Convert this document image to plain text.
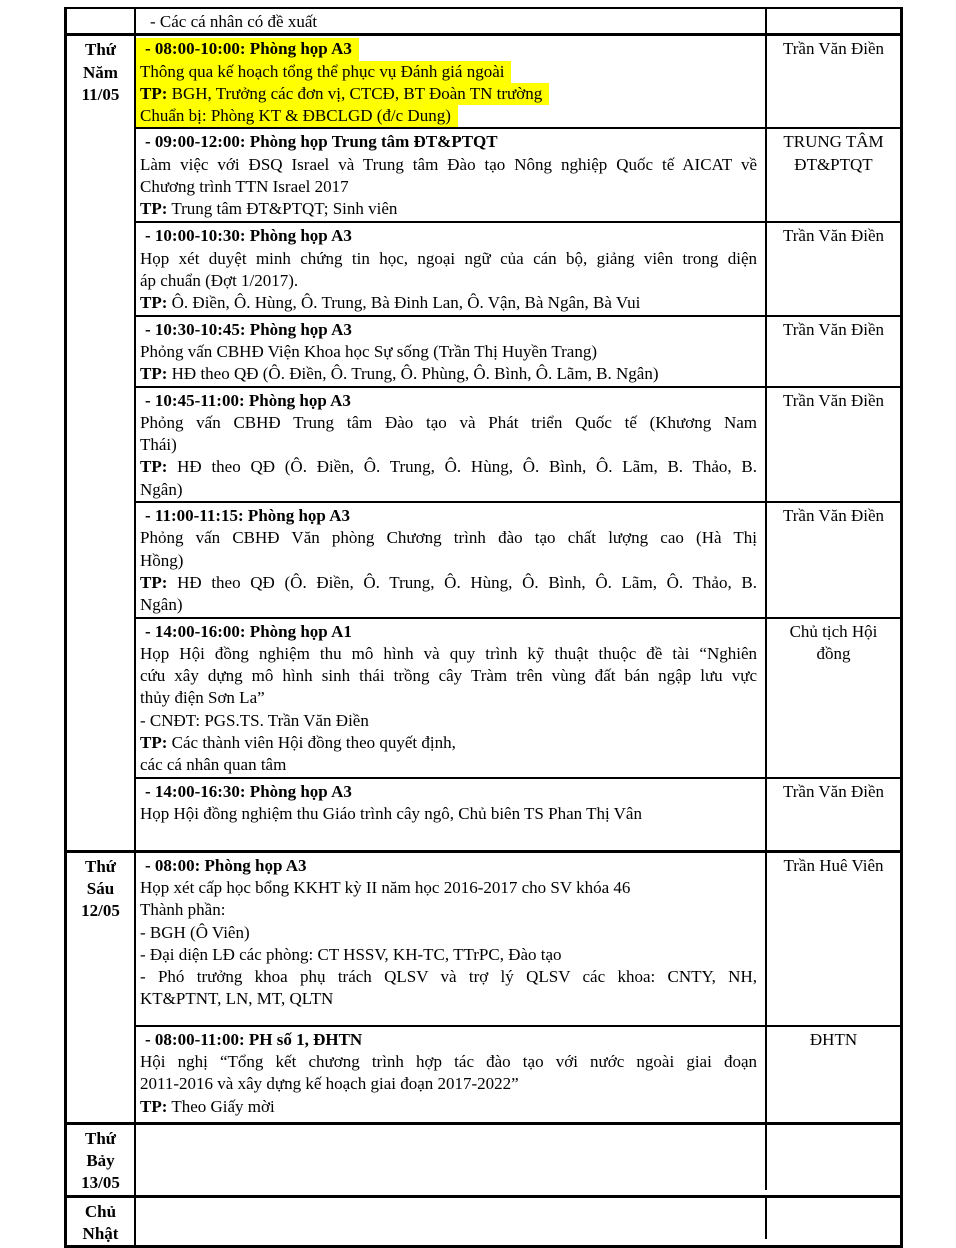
- Các cá nhân có đề xuất
Thứ
Năm
11/05
- 08:00-10:00: Phòng họp A3
Thông qua kế hoạch tổng thể phục vụ Đánh giá ngoài
TP: BGH, Trưởng các đơn vị, CTCĐ, BT Đoàn TN trường
Chuẩn bị: Phòng KT & ĐBCLGD (đ/c Dung)
Trần Văn Điền
- 09:00-12:00: Phòng họp Trung tâm ĐT&PTQT
Làm việc với ĐSQ Israel và Trung tâm Đào tạo Nông nghiệp Quốc tế AICAT về
Chương trình TTN Israel 2017
TP: Trung tâm ĐT&PTQT; Sinh viên
TRUNG TÂM ĐT&PTQT
- 10:00-10:30: Phòng họp A3
Họp xét duyệt minh chứng tin học, ngoại ngữ của cán bộ, giảng viên trong diện
áp chuẩn (Đợt 1/2017).
TP: Ô. Điền, Ô. Hùng, Ô. Trung, Bà Đinh Lan, Ô. Vận, Bà Ngân, Bà Vui
Trần Văn Điền
- 10:30-10:45: Phòng họp A3
Phỏng vấn CBHĐ Viện Khoa học Sự sống (Trần Thị Huyền Trang)
TP: HĐ theo QĐ (Ô. Điền, Ô. Trung, Ô. Phùng, Ô. Bình, Ô. Lãm, B. Ngân)
Trần Văn Điền
- 10:45-11:00: Phòng họp A3
Phỏng vấn CBHĐ Trung tâm Đào tạo và Phát triển Quốc tế (Khương Nam
Thái)
TP: HĐ theo QĐ (Ô. Điền, Ô. Trung, Ô. Hùng, Ô. Bình, Ô. Lãm, B. Thảo, B.
Ngân)
Trần Văn Điền
- 11:00-11:15: Phòng họp A3
Phỏng vấn CBHĐ Văn phòng Chương trình đào tạo chất lượng cao (Hà Thị
Hồng)
TP: HĐ theo QĐ (Ô. Điền, Ô. Trung, Ô. Hùng, Ô. Bình, Ô. Lãm, Ô. Thảo, B.
Ngân)
Trần Văn Điền
- 14:00-16:00: Phòng họp A1
Họp Hội đồng nghiệm thu mô hình và quy trình kỹ thuật thuộc đề tài “Nghiên
cứu xây dựng mô hình sinh thái trồng cây Tràm trên vùng đất bán ngập lưu vực
thủy điện Sơn La”
- CNĐT: PGS.TS. Trần Văn Điền
TP: Các thành viên Hội đồng theo quyết định,
các cá nhân quan tâm
Chủ tịch Hội đồng
- 14:00-16:30: Phòng họp A3
Họp Hội đồng nghiệm thu Giáo trình cây ngô, Chủ biên TS Phan Thị Vân
Trần Văn Điền
Thứ
Sáu
12/05
- 08:00: Phòng họp A3
Họp xét cấp học bổng KKHT kỳ II năm học 2016-2017 cho SV khóa 46
Thành phần:
- BGH (Ô Viên)
- Đại diện LĐ các phòng: CT HSSV, KH-TC, TTrPC, Đào tạo
- Phó trưởng khoa phụ trách QLSV và trợ lý QLSV các khoa: CNTY, NH,
KT&PTNT, LN, MT, QLTN
Trần Huê Viên
- 08:00-11:00: PH số 1, ĐHTN
Hội nghị “Tổng kết chương trình hợp tác đào tạo với nước ngoài giai đoạn
2011-2016 và xây dựng kế hoạch giai đoạn 2017-2022”
TP: Theo Giấy mời
ĐHTN
Thứ
Bảy
13/05
Chủ
Nhật
